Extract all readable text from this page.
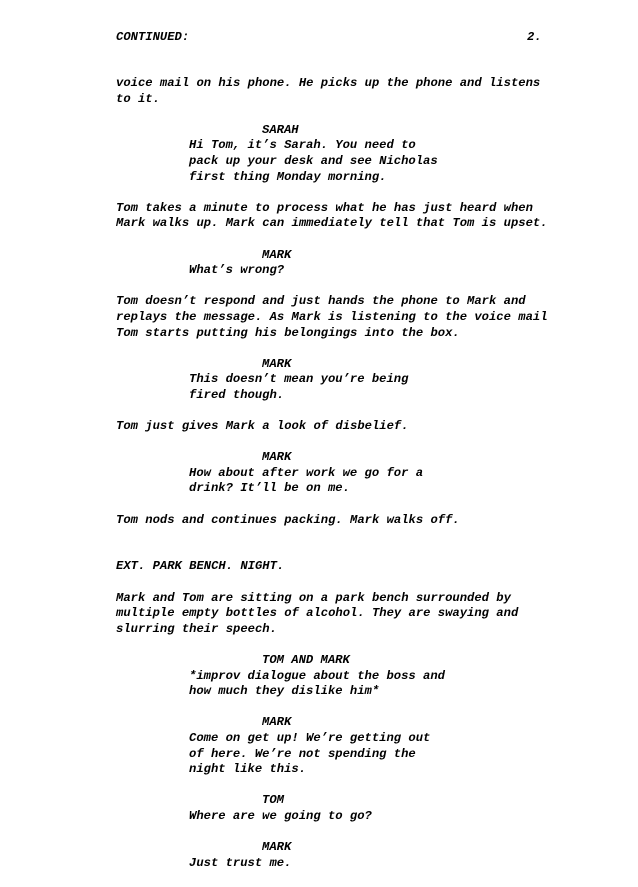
CONTINUED:	2.
voice mail on his phone. He picks up the phone and listens
to it.
SARAH
Hi Tom, it’s Sarah. You need to
pack up your desk and see Nicholas
first thing Monday morning.
Tom takes a minute to process what he has just heard when
Mark walks up. Mark can immediately tell that Tom is upset.
MARK
What’s wrong?
Tom doesn’t respond and just hands the phone to Mark and
replays the message. As Mark is listening to the voice mail
Tom starts putting his belongings into the box.
MARK
This doesn’t mean you’re being
fired though.
Tom just gives Mark a look of disbelief.
MARK
How about after work we go for a
drink? It’ll be on me.
Tom nods and continues packing. Mark walks off.
EXT. PARK BENCH. NIGHT.
Mark and Tom are sitting on a park bench surrounded by
multiple empty bottles of alcohol. They are swaying and
slurring their speech.
TOM AND MARK
*improv dialogue about the boss and
how much they dislike him*
MARK
Come on get up! We’re getting out
of here. We’re not spending the
night like this.
TOM
Where are we going to go?
MARK
Just trust me.
